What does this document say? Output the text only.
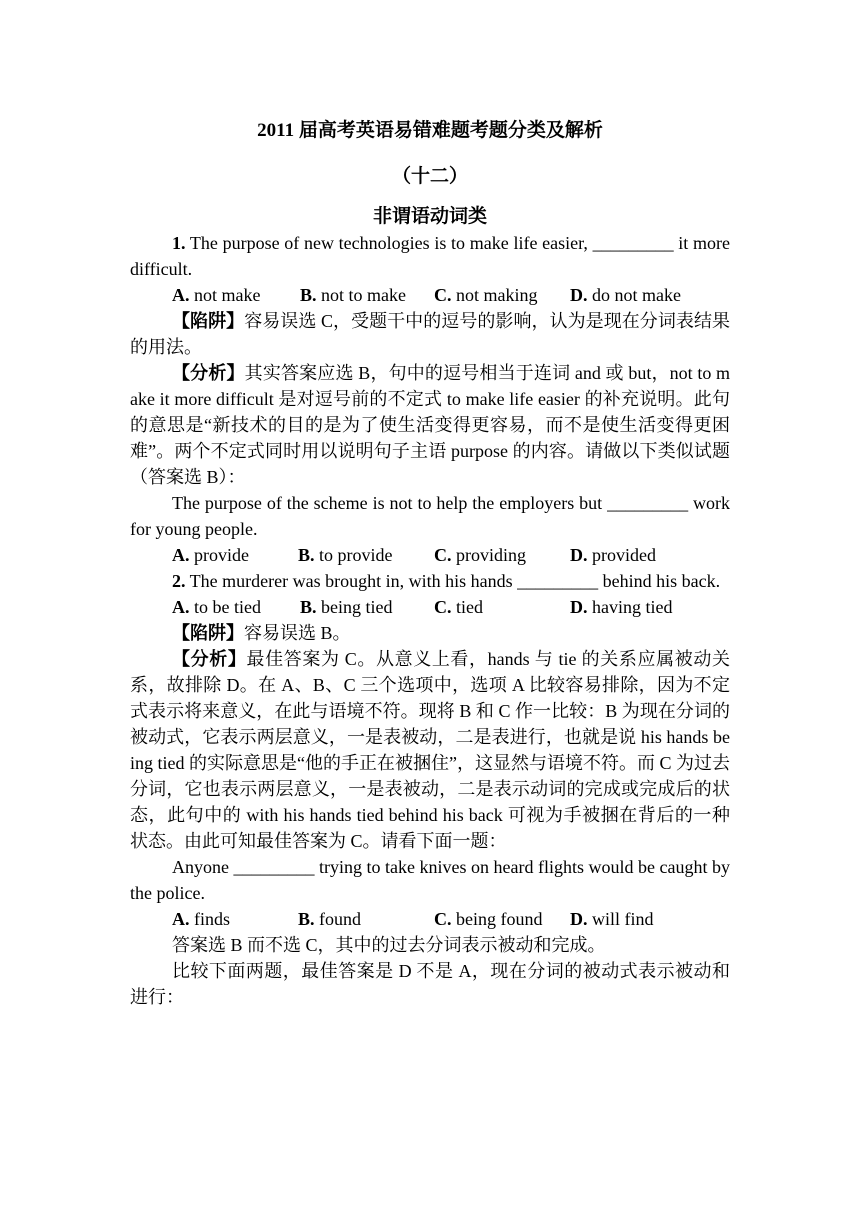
2011 届高考英语易错难题考题分类及解析
（十二）
非谓语动词类

1. The purpose of new technologies is to make life easier, _________ it more difficult.

A. not make	B. not to make	C. not making	D. do not make

【陷阱】容易误选 C，受题干中的逗号的影响，认为是现在分词表结果的用法。

【分析】其实答案应选 B，句中的逗号相当于连词 and 或 but，not to make it more difficult 是对逗号前的不定式 to make life easier 的补充说明。此句的意思是“新技术的目的是为了使生活变得更容易，而不是使生活变得更困难”。两个不定式同时用以说明句子主语 purpose 的内容。请做以下类似试题（答案选 B）：

The purpose of the scheme is not to help the employers but _________ work for young people.

A. provide	B. to provide	C. providing	D. provided

2. The murderer was brought in, with his hands _________ behind his back.

A. to be tied	B. being tied	C. tied	D. having tied

【陷阱】容易误选 B。

【分析】最佳答案为 C。从意义上看，hands 与 tie 的关系应属被动关系，故排除 D。在 A、B、C 三个选项中，选项 A 比较容易排除，因为不定式表示将来意义，在此与语境不符。现将 B 和 C 作一比较：B 为现在分词的被动式，它表示两层意义，一是表被动，二是表进行，也就是说 his hands being tied 的实际意思是“他的手正在被捆住”，这显然与语境不符。而 C 为过去分词，它也表示两层意义，一是表被动，二是表示动词的完成或完成后的状态，此句中的 with his hands tied behind his back 可视为手被捆在背后的一种状态。由此可知最佳答案为 C。请看下面一题：

Anyone _________ trying to take knives on heard flights would be caught by the police.

A. finds	B. found	C. being found	D. will find

答案选 B 而不选 C，其中的过去分词表示被动和完成。

比较下面两题，最佳答案是 D 不是 A，现在分词的被动式表示被动和进行：
